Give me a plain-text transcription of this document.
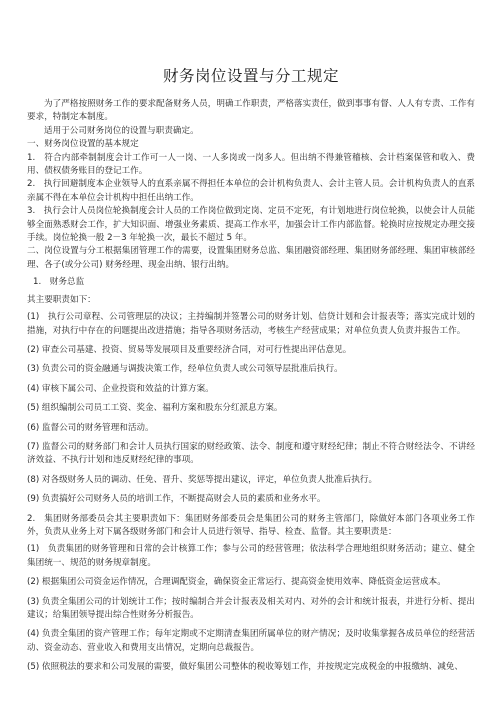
财务岗位设置与分工规定

为了严格按照财务工作的要求配备财务人员，明确工作职责，严格落实责任，做到事事有督、人人有专责、工作有要求，特制定本制度。

适用于公司财务岗位的设置与职责确定。

一、财务岗位设置的基本规定

1.　符合内部牵制制度会计工作可一人一岗、一人多岗或一岗多人。但出纳不得兼管稽核、会计档案保管和收入、费用、债权债务账目的登记工作。

2.　执行回避制度本企业领导人的直系亲属不得担任本单位的会计机构负责人、会计主管人员。会计机构负责人的直系亲属不得在本单位会计机构中担任出纳工作。

3.　执行会计人员岗位轮换制度会计人员的工作岗位做到定岗、定员不定死，有计划地进行岗位轮换，以使会计人员能够全面熟悉财会工作，扩大知识面、增强业务素质、提高工作水平，加强会计工作内部监督。轮换时应按规定办理交接手续。岗位轮换一般 2－3 年轮换一次，最长不超过 5 年。

二、岗位设置与分工根据集团管理工作的需要，设置集团财务总监、集团融资部经理、集团财务部经理、集团审核部经理、各子(或分公司) 财务经理、现金出纳、银行出纳。

1.　财务总监

其主要职责如下：

(1)　执行公司章程、公司管理层的决议；主持编制并签署公司的财务计划、信贷计划和会计报表等；落实完成计划的措施，对执行中存在的问题提出改进措施；指导各项财务活动，考核生产经营成果；对单位负责人负责并报告工作。

(2) 审查公司基建、投资、贸易等发展项目及重要经济合同，对可行性提出评估意见。

(3) 负责公司的资金融通与调拨决策工作，经单位负责人或公司领导层批准后执行。

(4) 审核下属公司、企业投资和效益的计算方案。

(5) 组织编制公司员工工资、奖金、福利方案和股东分红派息方案。

(6) 监督公司的财务管理和活动。

(7) 监督公司的财务部门和会计人员执行国家的财经政策、法令、制度和遵守财经纪律；制止不符合财经法令、不讲经济效益、不执行计划和违反财经纪律的事项。

(8) 对各级财务人员的调动、任免、晋升、奖惩等提出建议，评定，单位负责人批准后执行。

(9) 负责搞好公司财务人员的培训工作，不断提高财会人员的素质和业务水平。

2.　集团财务部委员会其主要职责如下：集团财务部委员会是集团公司的财务主管部门，除做好本部门各项业务工作外，负责从业务上对下属各级财务部门和会计人员进行领导、指导、检查、监督。其主要职责是：

(1)　负责集团的财务管理和日常的会计核算工作；参与公司的经营管理；依法科学合理地组织财务活动；建立、健全集团统一、规范的财务规章制度。

(2) 根据集团公司资金运作情况，合理调配资金，确保资金正常运行、提高资金使用效率、降低资金运营成本。

(3) 负责全集团公司的计划统计工作；按时编制合并会计报表及相关对内、对外的会计和统计报表，并进行分析、提出建议；给集团领导提出综合性财务分析报告。

(4) 负责全集团的资产管理工作；每年定期或不定期清查集团所属单位的财产情况；及时收集掌握各成员单位的经营活动、资金动态、营业收入和费用支出情况，定期向总裁报告。

(5) 依照税法的要求和公司发展的需要，做好集团公司整体的税收筹划工作，并按规定完成税金的申报缴纳、减免、
